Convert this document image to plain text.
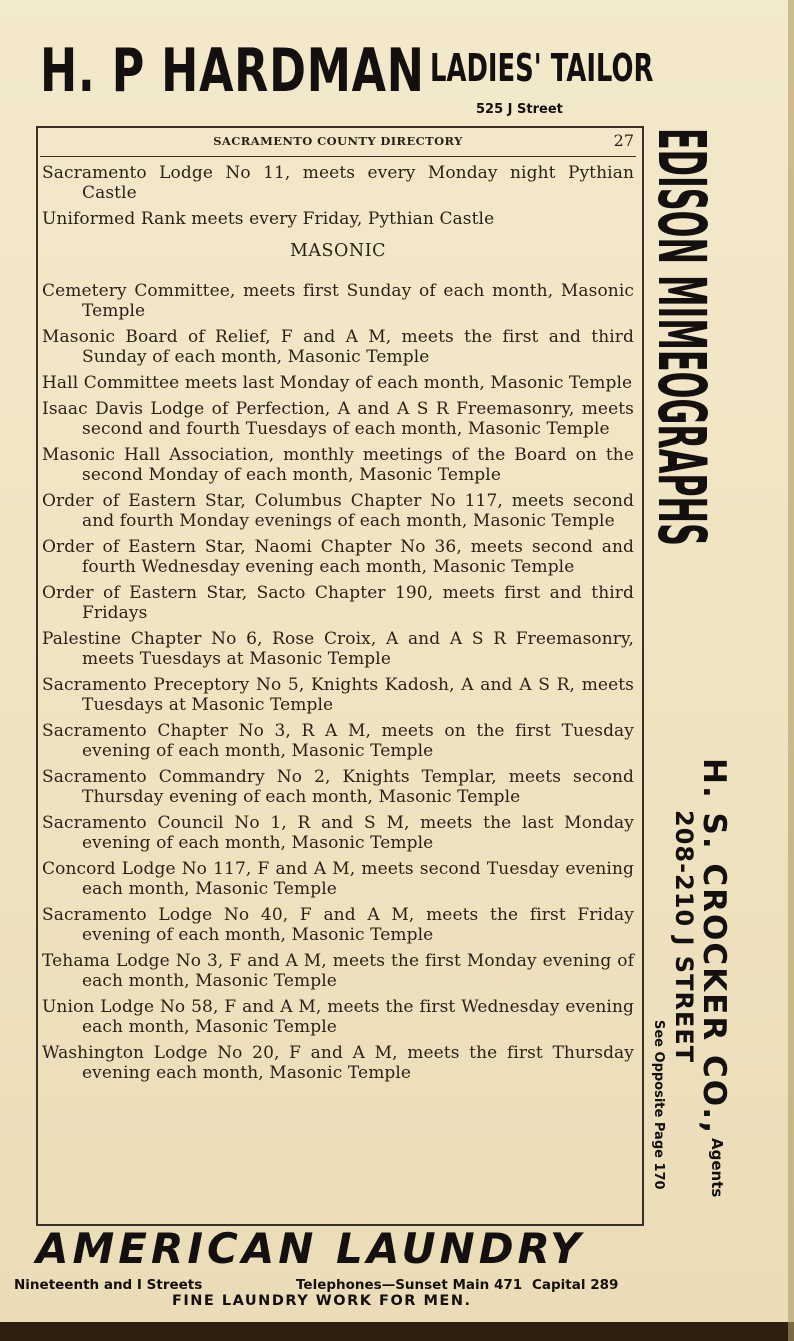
H. P HARDMAN LADIES' TAILOR
525 J Street
SACRAMENTO COUNTY DIRECTORY	27

Sacramento Lodge No 11, meets every Monday night Pythian Castle

Uniformed Rank meets every Friday, Pythian Castle

MASONIC

Cemetery Committee, meets first Sunday of each month, Masonic Temple

Masonic Board of Relief, F and A M, meets the first and third Sunday of each month, Masonic Temple

Hall Committee meets last Monday of each month, Masonic Temple

Isaac Davis Lodge of Perfection, A and A S R Freemasonry, meets second and fourth Tuesdays of each month, Masonic Temple

Masonic Hall Association, monthly meetings of the Board on the second Monday of each month, Masonic Temple

Order of Eastern Star, Columbus Chapter No 117, meets second and fourth Monday evenings of each month, Masonic Temple

Order of Eastern Star, Naomi Chapter No 36, meets second and fourth Wednesday evening each month, Masonic Temple

Order of Eastern Star, Sacto Chapter 190, meets first and third Fridays

Palestine Chapter No 6, Rose Croix, A and A S R Freemasonry, meets Tuesdays at Masonic Temple

Sacramento Preceptory No 5, Knights Kadosh, A and A S R, meets Tuesdays at Masonic Temple

Sacramento Chapter No 3, R A M, meets on the first Tuesday evening of each month, Masonic Temple

Sacramento Commandry No 2, Knights Templar, meets second Thursday evening of each month, Masonic Temple

Sacramento Council No 1, R and S M, meets the last Monday evening of each month, Masonic Temple

Concord Lodge No 117, F and A M, meets second Tuesday evening each month, Masonic Temple

Sacramento Lodge No 40, F and A M, meets the first Friday evening of each month, Masonic Temple

Tehama Lodge No 3, F and A M, meets the first Monday evening of each month, Masonic Temple

Union Lodge No 58, F and A M, meets the first Wednesday evening each month, Masonic Temple

Washington Lodge No 20, F and A M, meets the first Thursday evening each month, Masonic Temple

EDISON MIMEOGRAPHS
H. S. CROCKER CO.,
208-210 J STREET
See Opposite Page 170	Agents
AMERICAN LAUNDRY
Nineteenth and I Streets	Telephones—Sunset Main 471 Capital 289
FINE LAUNDRY WORK FOR MEN.
